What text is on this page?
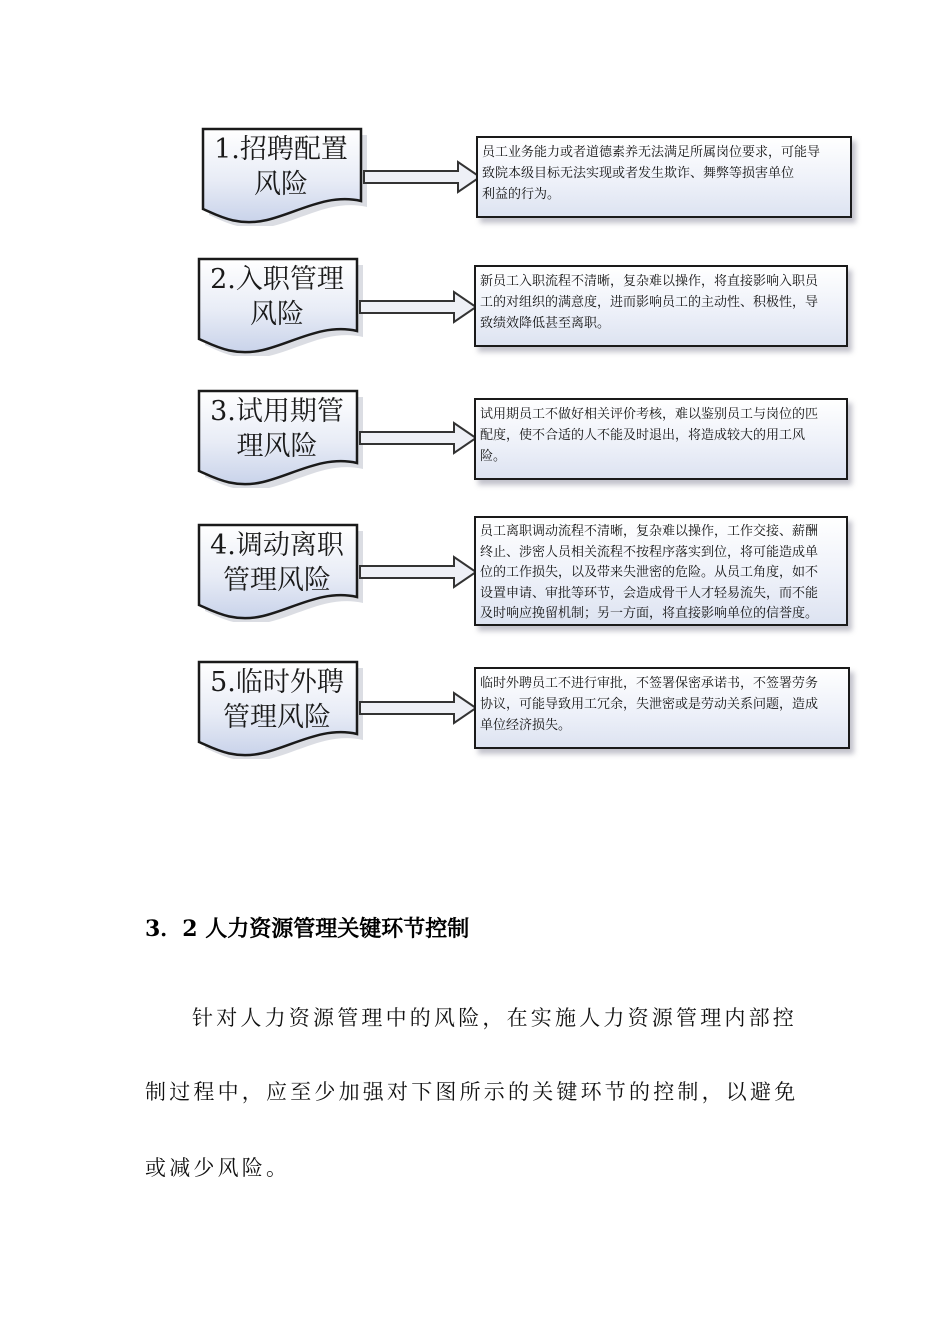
1.招聘配置
风险
员工业务能力或者道德素养无法满足所属岗位要求，可能导
致院本级目标无法实现或者发生欺诈、舞弊等损害单位
利益的行为。
2.入职管理
风险
新员工入职流程不清晰，复杂难以操作，将直接影响入职员
工的对组织的满意度，进而影响员工的主动性、积极性，导
致绩效降低甚至离职。
3.试用期管
理风险
试用期员工不做好相关评价考核，难以鉴别员工与岗位的匹
配度，使不合适的人不能及时退出，将造成较大的用工风
险。
4.调动离职
管理风险
员工离职调动流程不清晰，复杂难以操作，工作交接、薪酬
终止、涉密人员相关流程不按程序落实到位，将可能造成单
位的工作损失，以及带来失泄密的危险。从员工角度，如不
设置申请、审批等环节，会造成骨干人才轻易流失，而不能
及时响应挽留机制；另一方面，将直接影响单位的信誉度。
5.临时外聘
管理风险
临时外聘员工不进行审批，不签署保密承诺书，不签署劳务
协议，可能导致用工冗余，失泄密或是劳动关系问题，造成
单位经济损失。
3．2 人力资源管理关键环节控制
针对人力资源管理中的风险，在实施人力资源管理内部控
制过程中，应至少加强对下图所示的关键环节的控制，以避免
或减少风险。
